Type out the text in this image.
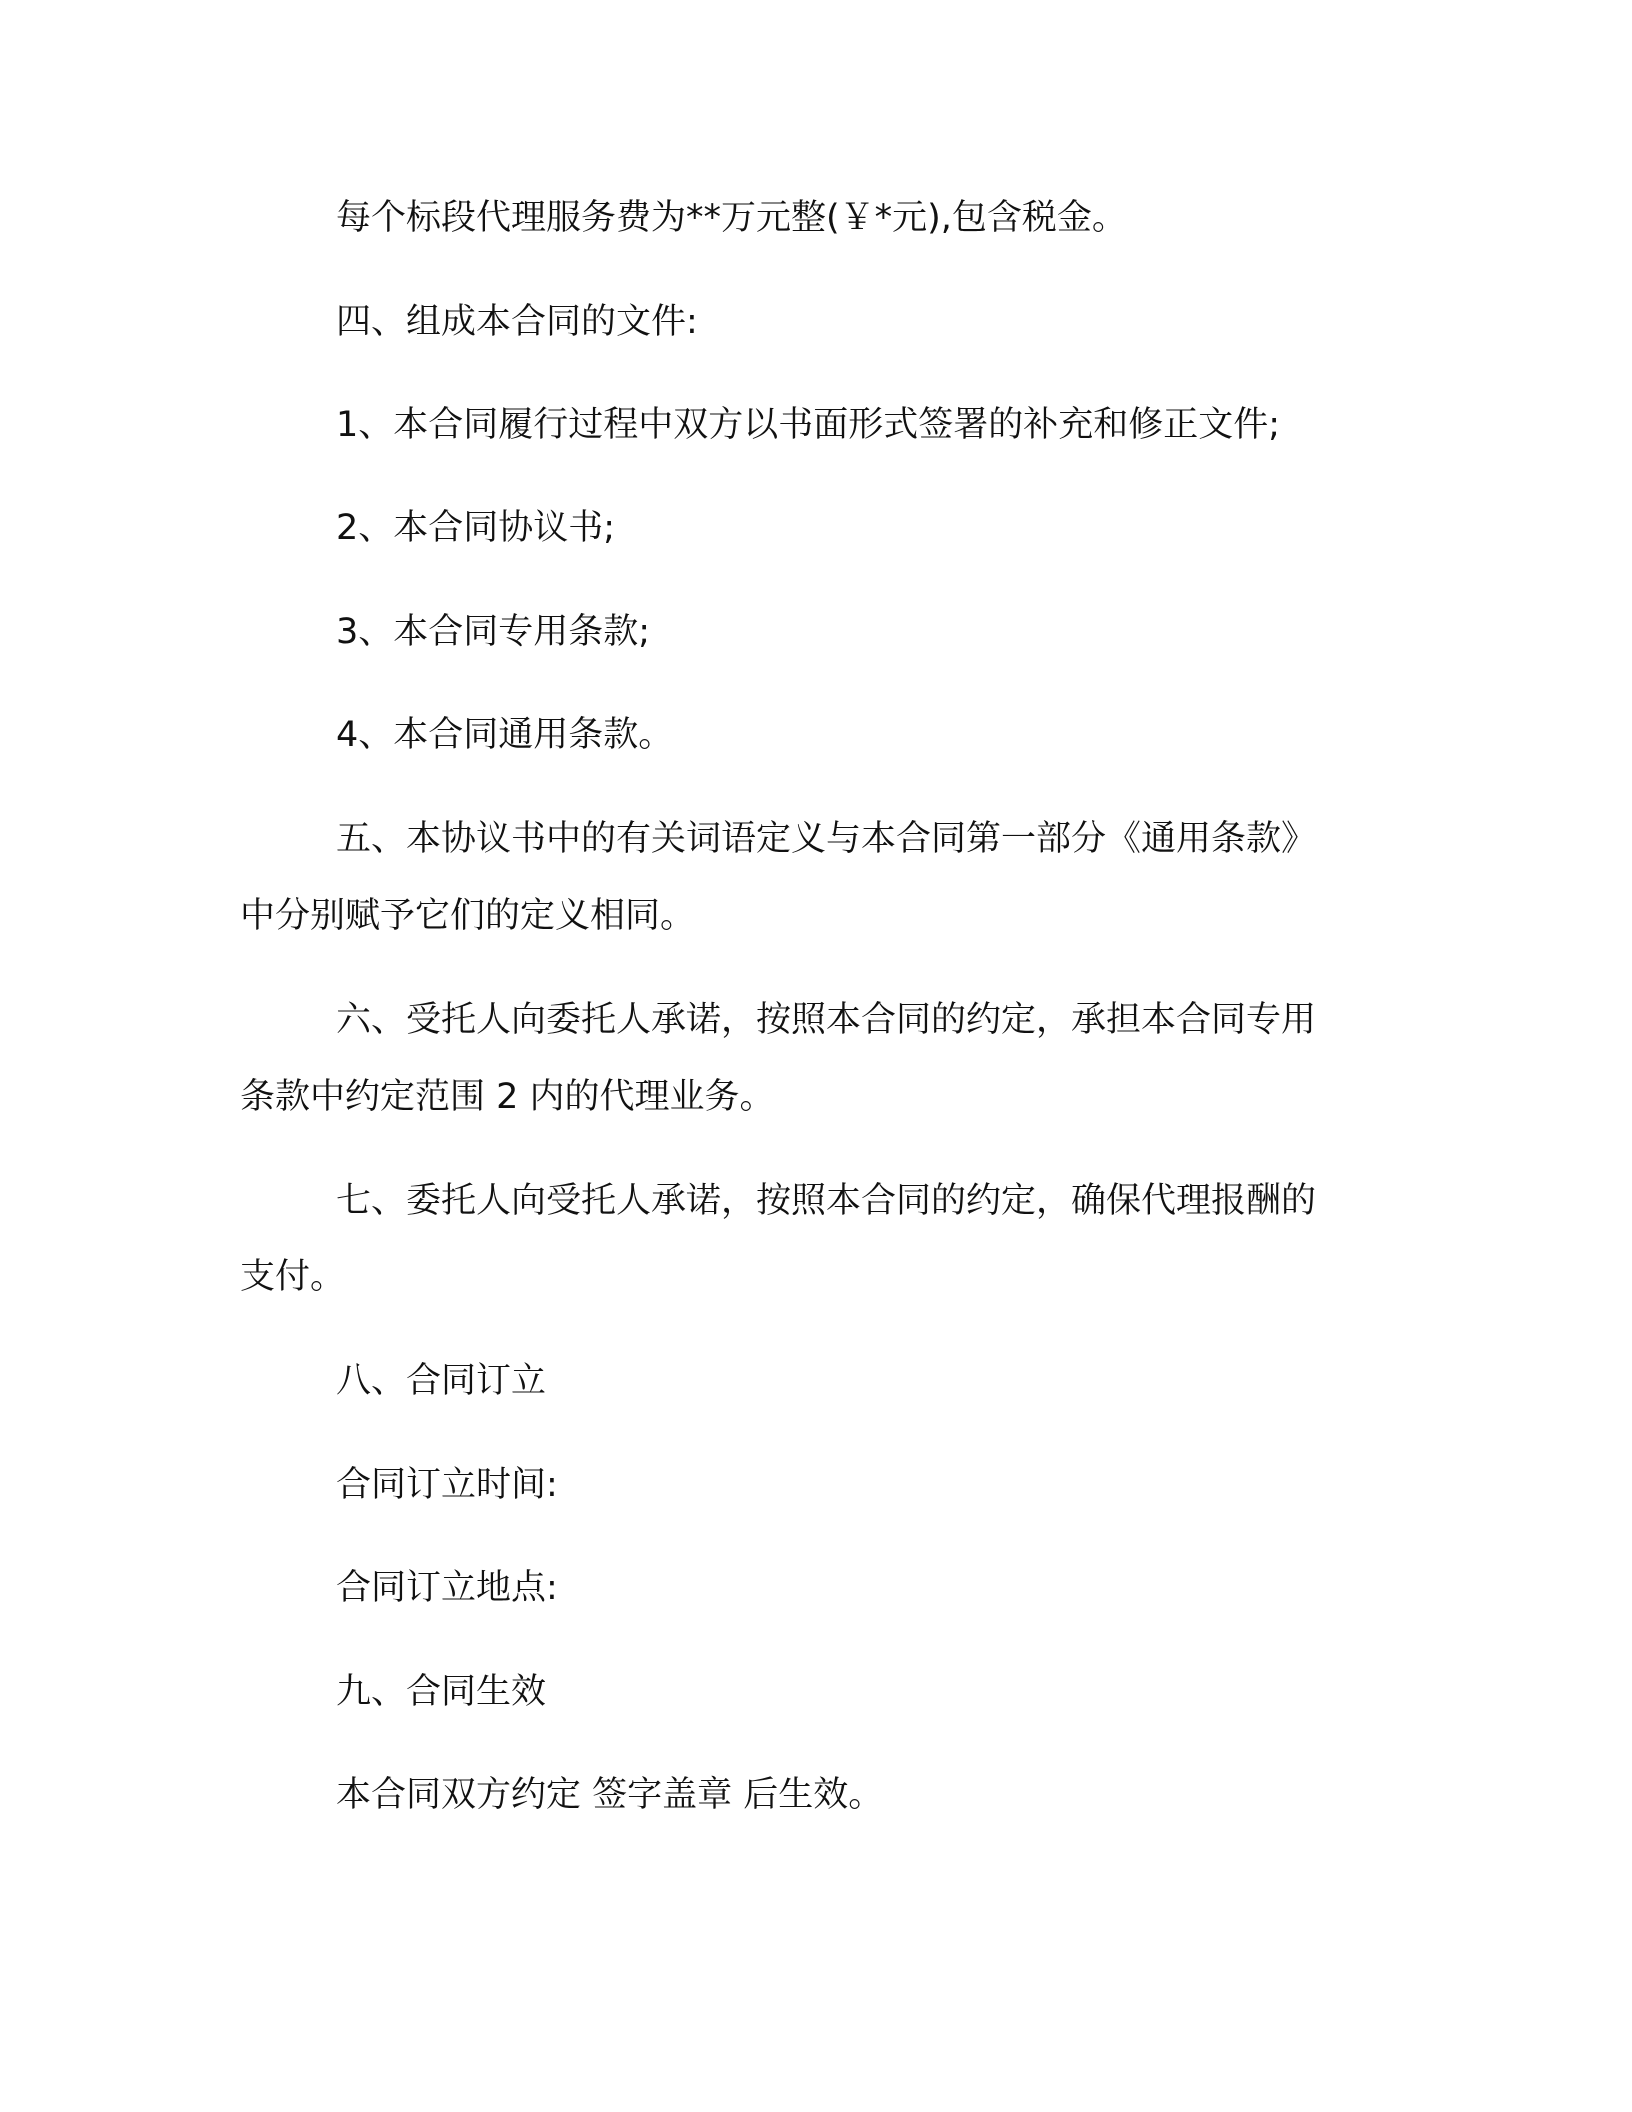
每个标段代理服务费为**万元整(￥*元),包含税金。
四、组成本合同的文件:
1、本合同履行过程中双方以书面形式签署的补充和修正文件;
2、本合同协议书;
3、本合同专用条款;
4、本合同通用条款。
五、本协议书中的有关词语定义与本合同第一部分《通用条款》
中分别赋予它们的定义相同。
六、受托人向委托人承诺，按照本合同的约定，承担本合同专用
条款中约定范围 2 内的代理业务。
七、委托人向受托人承诺，按照本合同的约定，确保代理报酬的
支付。
八、合同订立
合同订立时间:
合同订立地点:
九、合同生效
本合同双方约定 签字盖章 后生效。
